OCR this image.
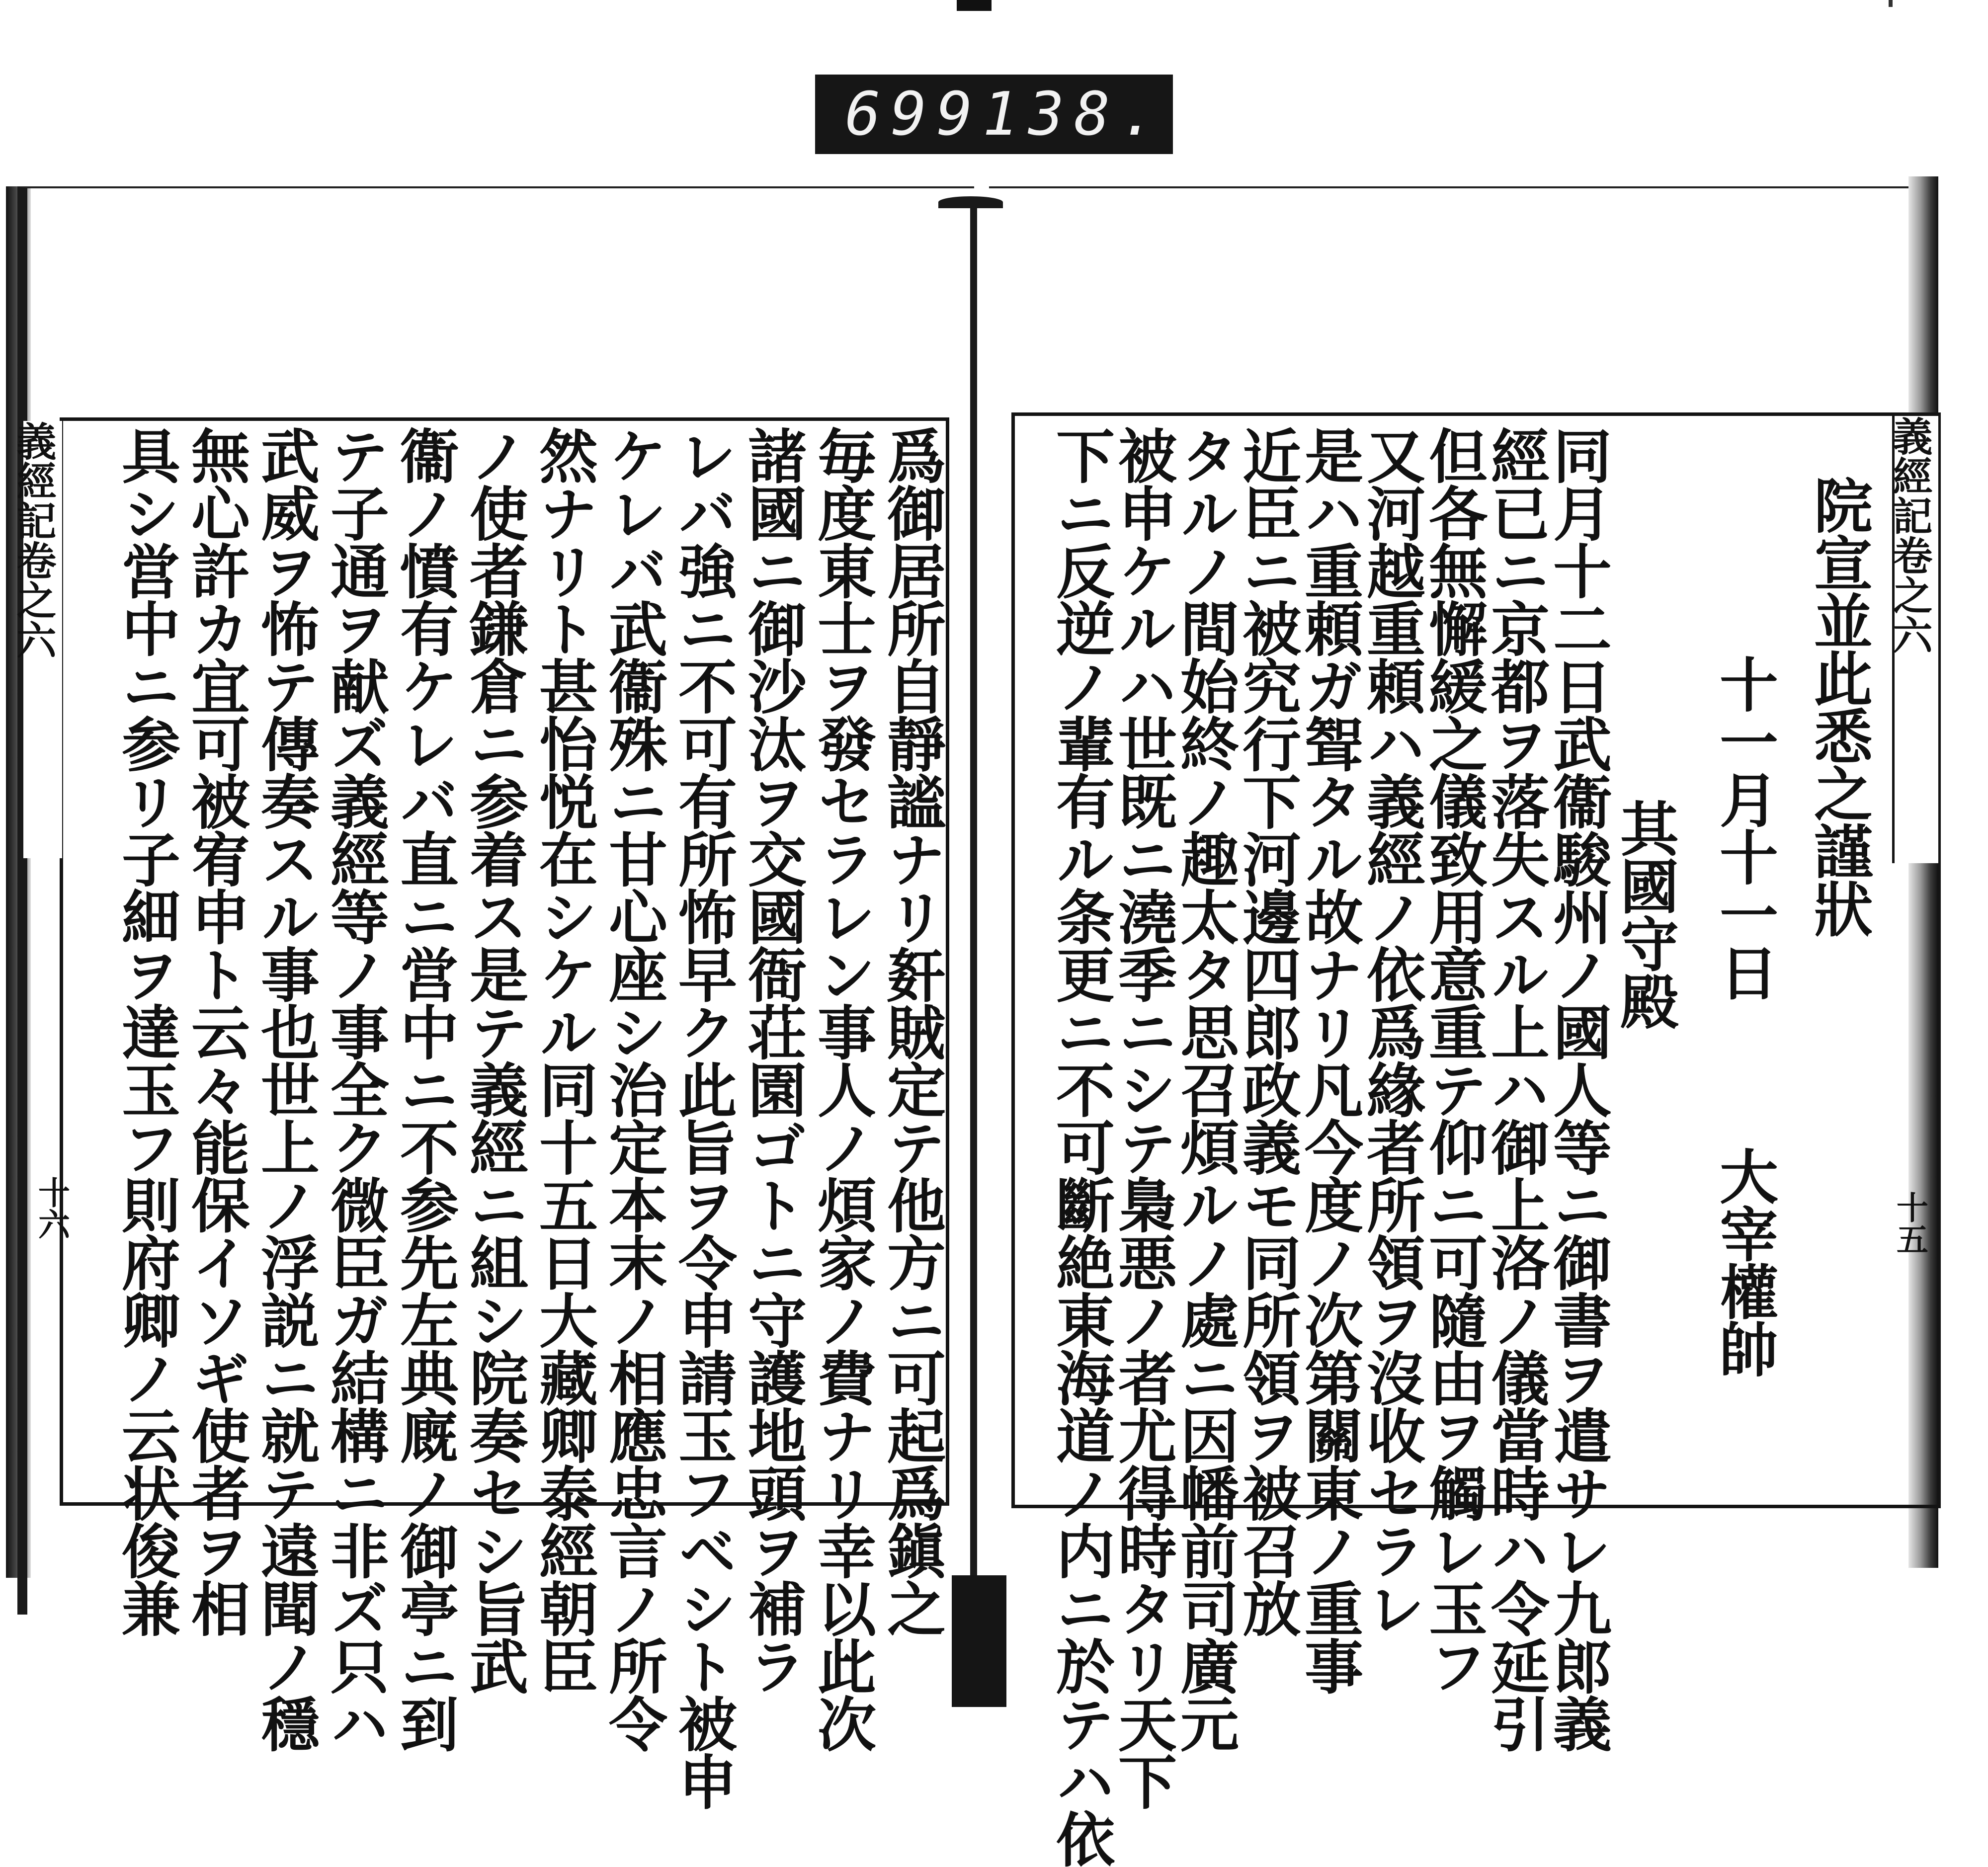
699 138.
義經記卷之六
十五
院宣並此悉之謹狀
十一月十一日
其國守殿
大宰權帥
同月十二日武衞駿州ノ國人等ニ御書ヲ遣サレ九郎義
經已ニ京都ヲ落失スル上ハ御上洛ノ儀當時ハ令延引
但各無懈緩之儀致用意重テ仰ニ可隨由ヲ觸レ玉フ
又河越重頼ハ義經ノ依爲緣者所領ヲ沒收セラレ
是ハ重頼ガ聟タル故ナリ凡今度ノ次第關東ノ重事
近臣ニ被究行下河邊四郎政義モ同所領ヲ被召放
タルノ間始終ノ趣太タ思召煩ルノ處ニ因幡前司廣元
被申ケルハ世既ニ澆季ニシテ梟悪ノ者尤得時タリ天下
下ニ反逆ノ輩有ル条更ニ不可斷絶東海道ノ内ニ於テハ依
義經記卷之六
十六	爲御居所自靜謐ナリ姧賊定テ他方ニ可起爲鎭之
毎度東士ヲ發セラレン事人ノ煩家ノ費ナリ幸以此次
諸國ニ御沙汰ヲ交國衙荘園ゴトニ守護地頭ヲ補ラ
レバ強ニ不可有所怖早ク此旨ヲ令申請玉フベシト被申
ケレバ武衞殊ニ甘心座シ治定本末ノ相應忠言ノ所令
然ナリト甚怡悦在シケル同十五日大藏卿泰經朝臣
ノ使者鎌倉ニ参着ス是テ義經ニ組シ院奏セシ旨武
衞ノ憤有ケレバ直ニ営中ニ不参先左典廐ノ御亭ニ到
テ子通ヲ献ズ義經等ノ事全ク微臣ガ結構ニ非ズ只ハ
武威ヲ怖テ傳奏スル事也世上ノ浮説ニ就テ遠聞ノ穩
無心許カ宜可被宥申ト云々能保イソギ使者ヲ相
具シ営中ニ参リ子細ヲ達玉フ則府卿ノ云状俊兼
